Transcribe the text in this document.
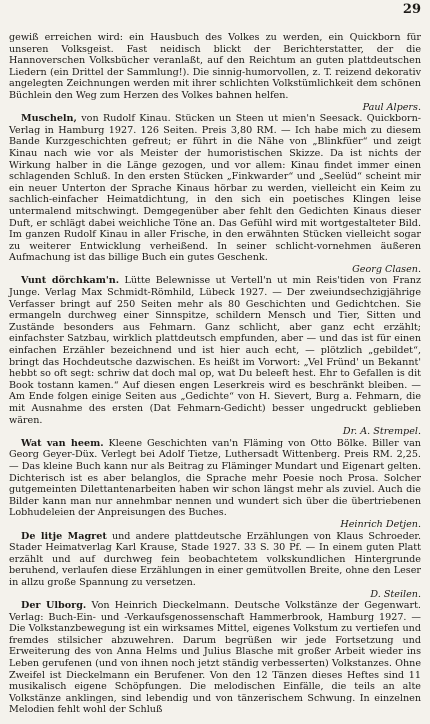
29

gewiß erreichen wird: ein Hausbuch des Volkes zu werden, ein Quickborn für unseren Volksgeist. Fast neidisch blickt der Berichterstatter, der die Hannoverschen Volksbücher veranlaßt, auf den Reichtum an guten plattdeutschen Liedern (ein Drittel der Sammlung!). Die sinnig-humorvollen, z. T. reizend dekorativ angelegten Zeichnungen werden mit ihrer schlichten Volkstümlichkeit dem schönen Büchlein den Weg zum Herzen des Volkes bahnen helfen.
Paul Alpers.

Muscheln, von Rudolf Kinau. Stücken un Steen ut mien'n Seesack. Quickborn-Verlag in Hamburg 1927. 126 Seiten. Preis 3,80 RM. — Ich habe mich zu diesem Bande Kurzgeschichten gefreut; er führt in die Nähe von „Blinkfüer“ und zeigt Kinau nach wie vor als Meister der humoristischen Skizze. Da ist nichts der Wirkung halber in die Länge gezogen, und vor allem: Kinau findet immer einen schlagenden Schluß. In den ersten Stücken „Finkwarder“ und „Seelüd“ scheint mir ein neuer Unterton der Sprache Kinaus hörbar zu werden, vielleicht ein Keim zu sachlich-einfacher Heimatdichtung, in den sich ein poetisches Klingen leise untermalend mitschwingt. Demgegenüber aber fehlt den Gedichten Kinaus dieser Duft, er schlägt dabei weichliche Töne an. Das Gefühl wird mit wortgestalteter Bild. Im ganzen Rudolf Kinau in aller Frische, in den erwähnten Stücken vielleicht sogar zu weiterer Entwicklung verheißend. In seiner schlicht-vornehmen äußeren Aufmachung ist das billige Buch ein gutes Geschenk.
Georg Clasen.

Vunt dörchkam'n. Lütte Belewnisse ut Vertell'n ut min Reis'tiden von Franz Junge. Verlag Max Schmidt-Römhild, Lübeck 1927. — Der zweiundsechzigjährige Verfasser bringt auf 250 Seiten mehr als 80 Geschichten und Gedichtchen. Sie ermangeln durchweg einer Sinnspitze, schildern Mensch und Tier, Sitten und Zustände besonders aus Fehmarn. Ganz schlicht, aber ganz echt erzählt; einfachster Satzbau, wirklich plattdeutsch empfunden, aber — und das ist für einen einfachen Erzähler bezeichnend und ist hier auch echt, — plötzlich „gebildet“, bringt das Hochdeutsche dazwischen. Es heißt im Vorwort: „Vel Fründ' un Bekannt' hebbt so oft segt: schriw dat doch mal op, wat Du beleeft hest. Ehr to Gefallen is dit Book tostann kamen.“ Auf diesen engen Leserkreis wird es beschränkt bleiben. — Am Ende folgen einige Seiten aus „Gedichte“ von H. Sievert, Burg a. Fehmarn, die mit Ausnahme des ersten (Dat Fehmarn-Gedicht) besser ungedruckt geblieben wären.
Dr. A. Strempel.

Wat van heem. Kleene Geschichten van'n Fläming von Otto Bölke. Biller van Georg Geyer-Düx. Verlegt bei Adolf Tietze, Luthersadt Wittenberg. Preis RM. 2,25. — Das kleine Buch kann nur als Beitrag zu Fläminger Mundart und Eigenart gelten. Dichterisch ist es aber belanglos, die Sprache mehr Poesie noch Prosa. Solcher gutgemeinten Dilettantenarbeiten haben wir schon längst mehr als zuviel. Auch die Bilder kann man nur annehmbar nennen und wundert sich über die übertriebenen Lobhudeleien der Anpreisungen des Buches.
Heinrich Detjen.

De litje Magret und andere plattdeutsche Erzählungen von Klaus Schroeder. Stader Heimatverlag Karl Krause, Stade 1927. 33 S. 30 Pf. — In einem guten Platt erzählt und auf durchweg fein beobachtetem volkskundlichen Hintergrunde beruhend, verlaufen diese Erzählungen in einer gemütvollen Breite, ohne den Leser in allzu große Spannung zu versetzen.
D. Steilen.

Der Ulborg. Von Heinrich Dieckelmann. Deutsche Volkstänze der Gegenwart. Verlag: Buch-Ein- und -Verkaufsgenossenschaft Hammerbrook, Hamburg 1927. — Die Volkstanzbewegung ist ein wirksames Mittel, eigenes Volkstum zu vertiefen und fremdes stilsicher abzuwehren. Darum begrüßen wir jede Fortsetzung und Erweiterung des von Anna Helms und Julius Blasche mit großer Arbeit wieder ins Leben gerufenen (und von ihnen noch jetzt ständig verbesserten) Volkstanzes. Ohne Zweifel ist Dieckelmann ein Berufener. Von den 12 Tänzen dieses Heftes sind 11 musikalisch eigene Schöpfungen. Die melodischen Einfälle, die teils an alte Volkstänze anklingen, sind lebendig und von tänzerischem Schwung. In einzelnen Melodien fehlt wohl der Schluß
